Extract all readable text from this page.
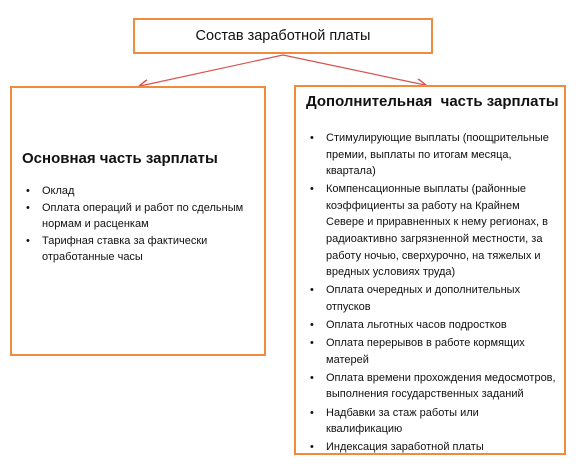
Состав заработной платы
Основная часть зарплаты
• Оклад
• Оплата операций и работ по сдельным нормам и расценкам
• Тарифная ставка за фактически отработанные часы
Дополнительная  часть зарплаты
• Стимулирующие выплаты (поощрительные премии, выплаты по итогам месяца, квартала)
• Компенсационные выплаты (районные коэффициенты за работу на Крайнем Севере и приравненных к нему регионах, в радиоактивно загрязненной местности, за работу ночью, сверхурочно, на тяжелых и вредных условиях труда)
• Оплата очередных и дополнительных отпусков
• Оплата льготных часов подростков
• Оплата перерывов в работе кормящих матерей
• Оплата времени прохождения медосмотров, выполнения государственных заданий
• Надбавки за стаж работы или квалификацию
• Индексация заработной платы
